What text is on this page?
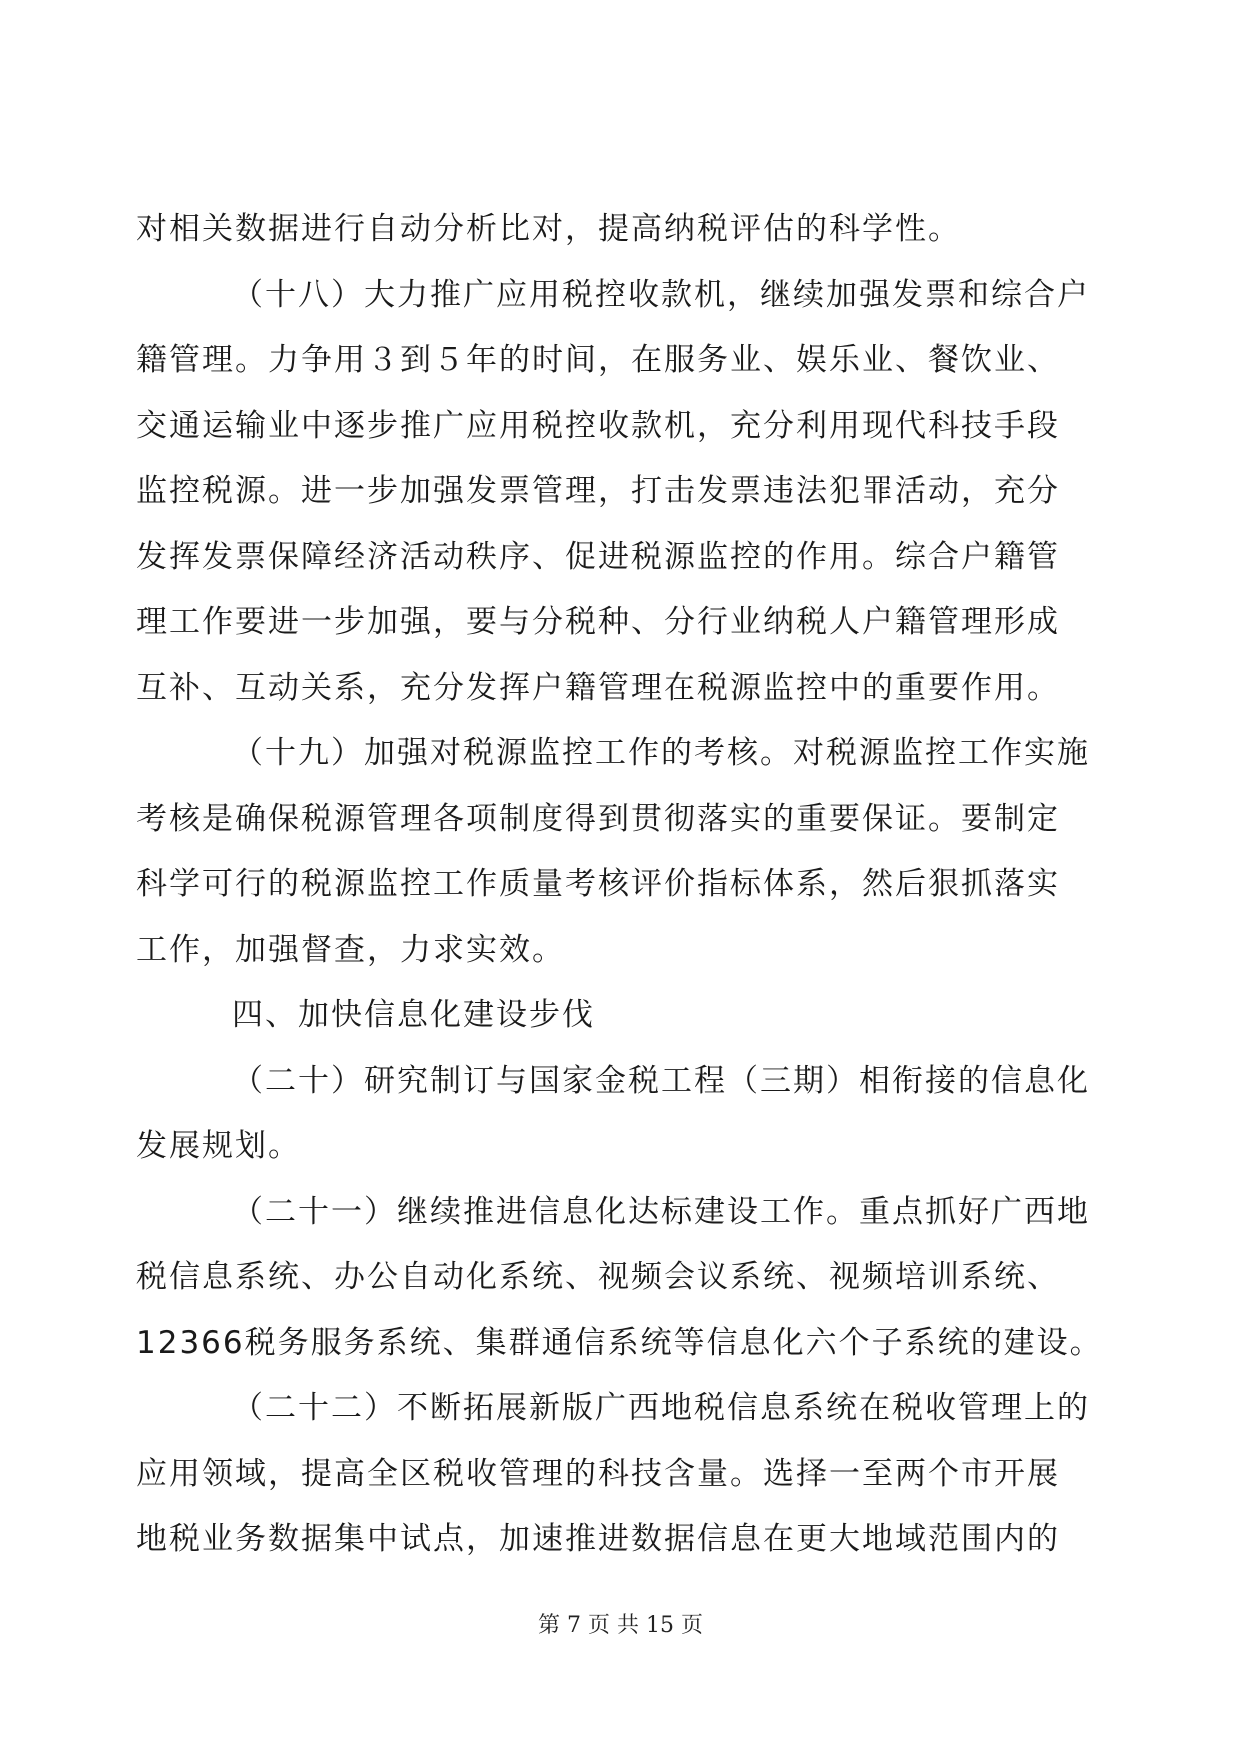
对相关数据进行自动分析比对，提高纳税评估的科学性。
（十八）大力推广应用税控收款机，继续加强发票和综合户
籍管理。力争用３到５年的时间，在服务业、娱乐业、餐饮业、
交通运输业中逐步推广应用税控收款机，充分利用现代科技手段
监控税源。进一步加强发票管理，打击发票违法犯罪活动，充分
发挥发票保障经济活动秩序、促进税源监控的作用。综合户籍管
理工作要进一步加强，要与分税种、分行业纳税人户籍管理形成
互补、互动关系，充分发挥户籍管理在税源监控中的重要作用。
（十九）加强对税源监控工作的考核。对税源监控工作实施
考核是确保税源管理各项制度得到贯彻落实的重要保证。要制定
科学可行的税源监控工作质量考核评价指标体系，然后狠抓落实
工作，加强督查，力求实效。
四、加快信息化建设步伐
（二十）研究制订与国家金税工程（三期）相衔接的信息化
发展规划。
（二十一）继续推进信息化达标建设工作。重点抓好广西地
税信息系统、办公自动化系统、视频会议系统、视频培训系统、
12366税务服务系统、集群通信系统等信息化六个子系统的建设。
（二十二）不断拓展新版广西地税信息系统在税收管理上的
应用领域，提高全区税收管理的科技含量。选择一至两个市开展
地税业务数据集中试点，加速推进数据信息在更大地域范围内的
第 7 页 共 15 页
